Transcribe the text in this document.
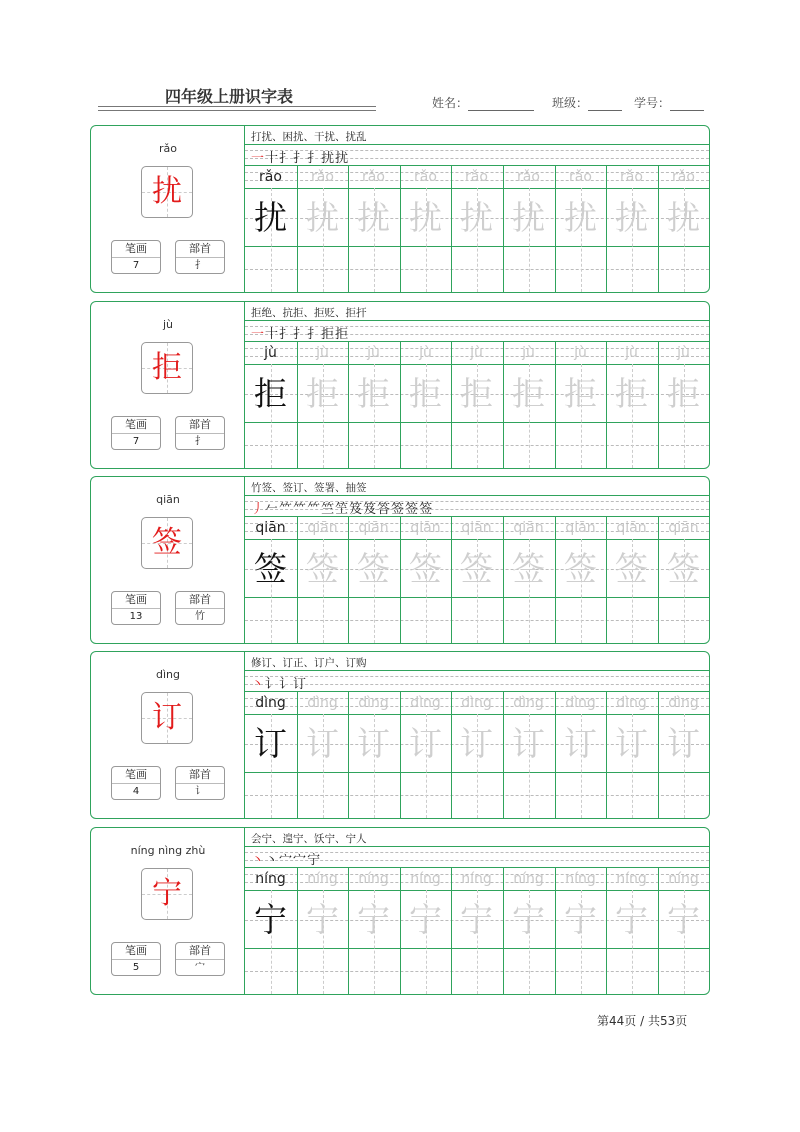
四年级上册识字表	姓名：	班级：	学号：
rǎo
扰
笔画
7
部首
扌
打扰、困扰、干扰、扰乱
一十扌扌扌扰扰
rǎo
扰
rǎo
扰
rǎo
扰
rǎo
扰
rǎo
扰
rǎo
扰
rǎo
扰
rǎo
扰
rǎo
扰
jù
拒
笔画
7
部首
扌
拒绝、抗拒、拒贬、拒扞
一十扌扌扌拒拒
jù
拒
jù
拒
jù
拒
jù
拒
jù
拒
jù
拒
jù
拒
jù
拒
jù
拒
qiān
签
笔画
13
部首
竹
竹签、签订、签署、抽签
丿𠂉⺮⺮⺮竺笁笈笈答签签签
qiān
签
qiān
签
qiān
签
qiān
签
qiān
签
qiān
签
qiān
签
qiān
签
qiān
签
dìng
订
笔画
4
部首
讠
修订、订正、订户、订购
丶讠讠订
dìng
订
dìng
订
dìng
订
dìng
订
dìng
订
dìng
订
dìng
订
dìng
订
dìng
订
níng nìng zhù
宁
笔画
5
部首
宀
会宁、遑宁、饫宁、宁人
丶丶宀宀宁
níng
宁
níng
宁
níng
宁
níng
宁
níng
宁
níng
宁
níng
宁
níng
宁
níng
宁
第44页 / 共53页
